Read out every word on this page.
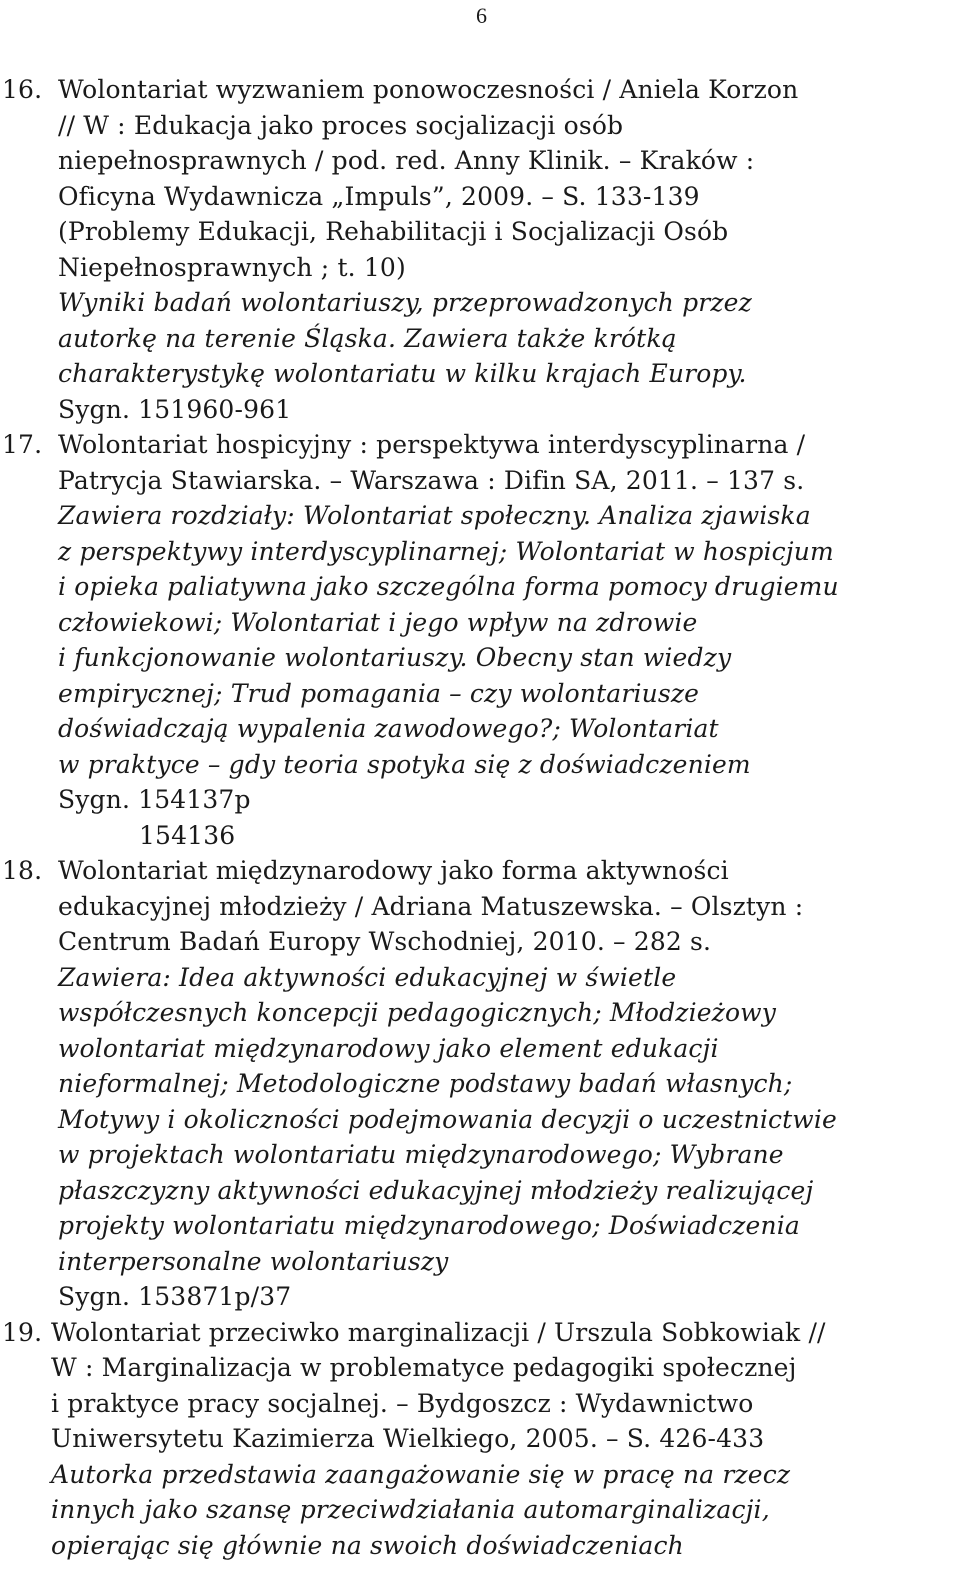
6
16. Wolontariat wyzwaniem ponowoczesności / Aniela Korzon
// W : Edukacja jako proces socjalizacji osób
niepełnosprawnych / pod. red. Anny Klinik. – Kraków :
Oficyna Wydawnicza „Impuls”, 2009. – S. 133-139
(Problemy Edukacji, Rehabilitacji i Socjalizacji Osób
Niepełnosprawnych ; t. 10)
Wyniki badań wolontariuszy, przeprowadzonych przez
autorkę na terenie Śląska. Zawiera także krótką
charakterystykę wolontariatu w kilku krajach Europy.
Sygn. 151960-961
17. Wolontariat hospicyjny : perspektywa interdyscyplinarna /
Patrycja Stawiarska. – Warszawa : Difin SA, 2011. – 137 s.
Zawiera rozdziały: Wolontariat społeczny. Analiza zjawiska
z perspektywy interdyscyplinarnej; Wolontariat w hospicjum
i opieka paliatywna jako szczególna forma pomocy drugiemu
człowiekowi; Wolontariat i jego wpływ na zdrowie
i funkcjonowanie wolontariuszy. Obecny stan wiedzy
empirycznej; Trud pomagania – czy wolontariusze
doświadczają wypalenia zawodowego?; Wolontariat
w praktyce – gdy teoria spotyka się z doświadczeniem
Sygn. 154137p
154136
18. Wolontariat międzynarodowy jako forma aktywności
edukacyjnej młodzieży / Adriana Matuszewska. – Olsztyn :
Centrum Badań Europy Wschodniej, 2010. – 282 s.
Zawiera: Idea aktywności edukacyjnej w świetle
współczesnych koncepcji pedagogicznych; Młodzieżowy
wolontariat międzynarodowy jako element edukacji
nieformalnej; Metodologiczne podstawy badań własnych;
Motywy i okoliczności podejmowania decyzji o uczestnictwie
w projektach wolontariatu międzynarodowego; Wybrane
płaszczyzny aktywności edukacyjnej młodzieży realizującej
projekty wolontariatu międzynarodowego; Doświadczenia
interpersonalne wolontariuszy
Sygn. 153871p/37
19. Wolontariat przeciwko marginalizacji / Urszula Sobkowiak //
W : Marginalizacja w problematyce pedagogiki społecznej
i praktyce pracy socjalnej. – Bydgoszcz : Wydawnictwo
Uniwersytetu Kazimierza Wielkiego, 2005. – S. 426-433
Autorka przedstawia zaangażowanie się w pracę na rzecz
innych jako szansę przeciwdziałania automarginalizacji,
opierając się głównie na swoich doświadczeniach
